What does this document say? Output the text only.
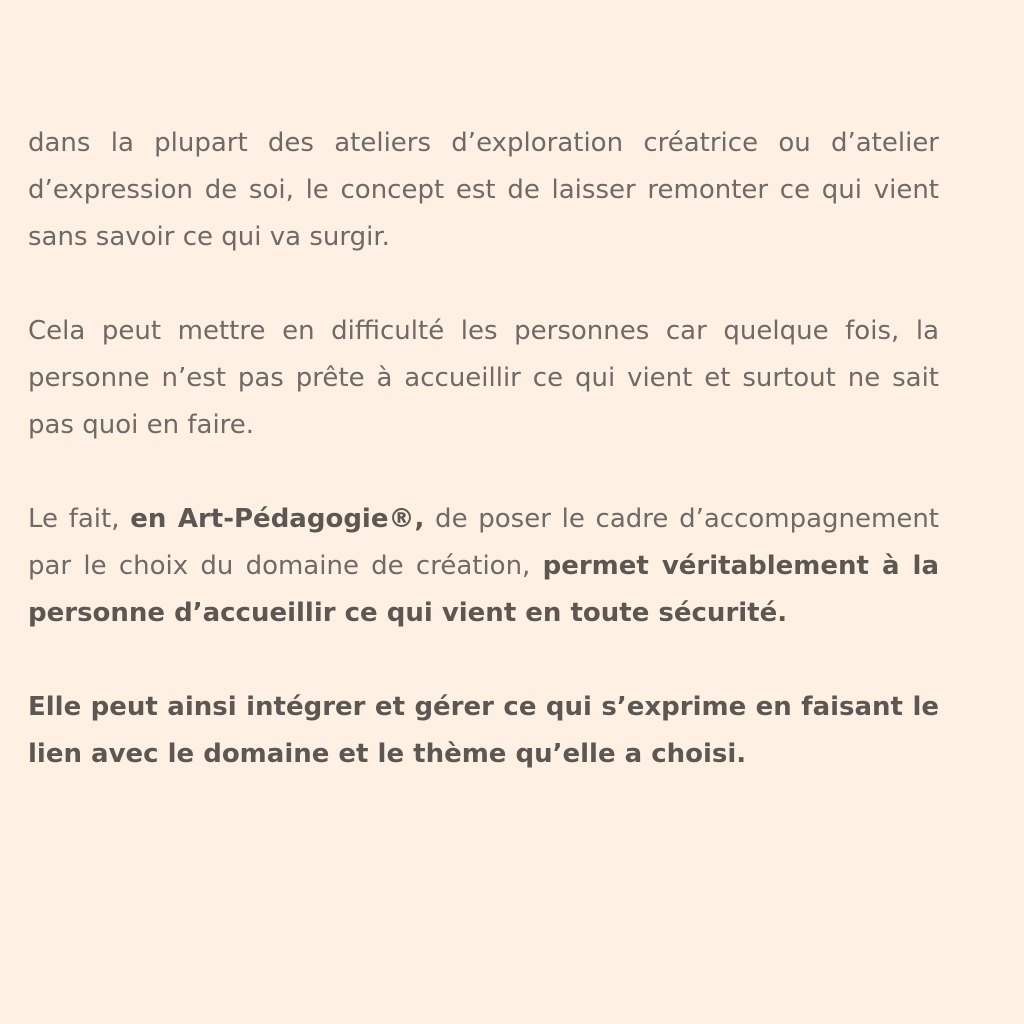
dans la plupart des ateliers d’exploration créatrice ou d’atelier d’expression de soi, le concept est de laisser remonter ce qui vient sans savoir ce qui va surgir.

Cela peut mettre en difficulté les personnes car quelque fois, la personne n’est pas prête à accueillir ce qui vient et surtout ne sait pas quoi en faire.

Le fait, en Art-Pédagogie®, de poser le cadre d’accompagnement par le choix du domaine de création, permet véritablement à la personne d’accueillir ce qui vient en toute sécurité.

Elle peut ainsi intégrer et gérer ce qui s’exprime en faisant le lien avec le domaine et le thème qu’elle a choisi.
